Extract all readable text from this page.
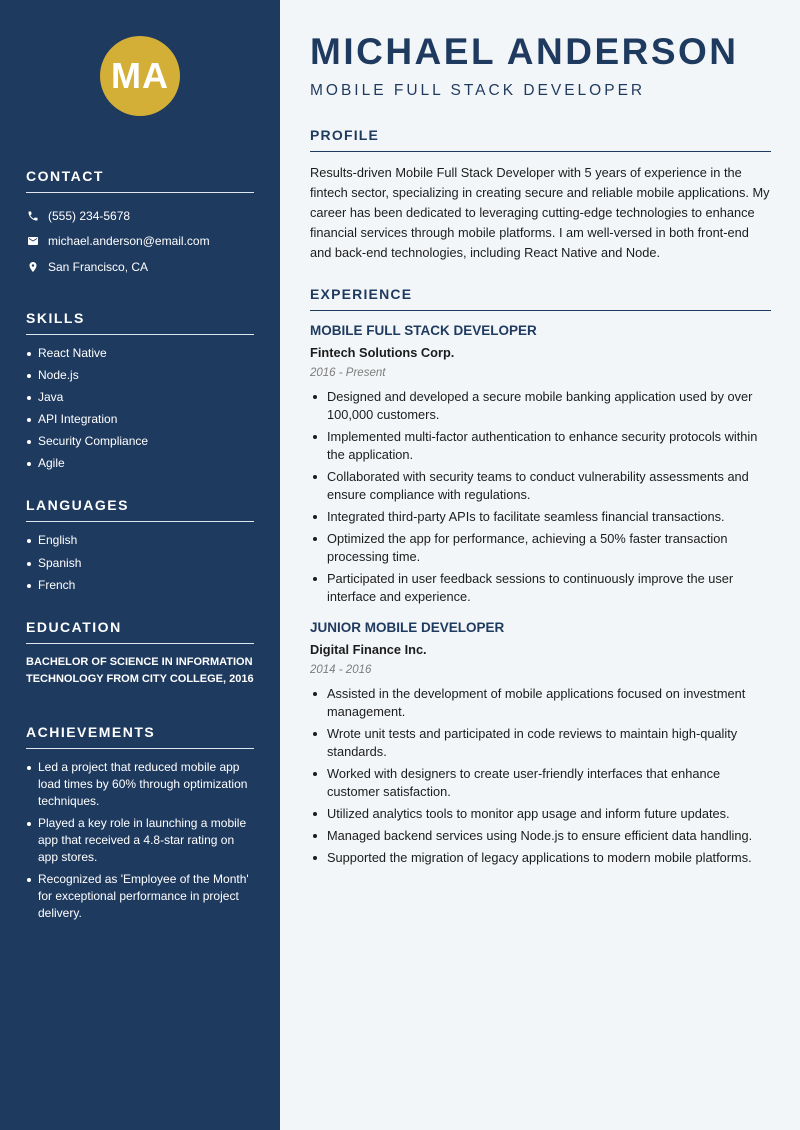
MA
CONTACT
(555) 234-5678
michael.anderson@email.com
San Francisco, CA
SKILLS
React Native
Node.js
Java
API Integration
Security Compliance
Agile
LANGUAGES
English
Spanish
French
EDUCATION
BACHELOR OF SCIENCE IN INFORMATION TECHNOLOGY FROM CITY COLLEGE, 2016
ACHIEVEMENTS
Led a project that reduced mobile app load times by 60% through optimization techniques.
Played a key role in launching a mobile app that received a 4.8-star rating on app stores.
Recognized as 'Employee of the Month' for exceptional performance in project delivery.
MICHAEL ANDERSON
MOBILE FULL STACK DEVELOPER
PROFILE

Results-driven Mobile Full Stack Developer with 5 years of experience in the fintech sector, specializing in creating secure and reliable mobile applications. My career has been dedicated to leveraging cutting-edge technologies to enhance financial services through mobile platforms. I am well-versed in both front-end and back-end technologies, including React Native and Node.

EXPERIENCE
MOBILE FULL STACK DEVELOPER
Fintech Solutions Corp.
2016 - Present
Designed and developed a secure mobile banking application used by over 100,000 customers.
Implemented multi-factor authentication to enhance security protocols within the application.
Collaborated with security teams to conduct vulnerability assessments and ensure compliance with regulations.
Integrated third-party APIs to facilitate seamless financial transactions.
Optimized the app for performance, achieving a 50% faster transaction processing time.
Participated in user feedback sessions to continuously improve the user interface and experience.
JUNIOR MOBILE DEVELOPER
Digital Finance Inc.
2014 - 2016
Assisted in the development of mobile applications focused on investment management.
Wrote unit tests and participated in code reviews to maintain high-quality standards.
Worked with designers to create user-friendly interfaces that enhance customer satisfaction.
Utilized analytics tools to monitor app usage and inform future updates.
Managed backend services using Node.js to ensure efficient data handling.
Supported the migration of legacy applications to modern mobile platforms.
